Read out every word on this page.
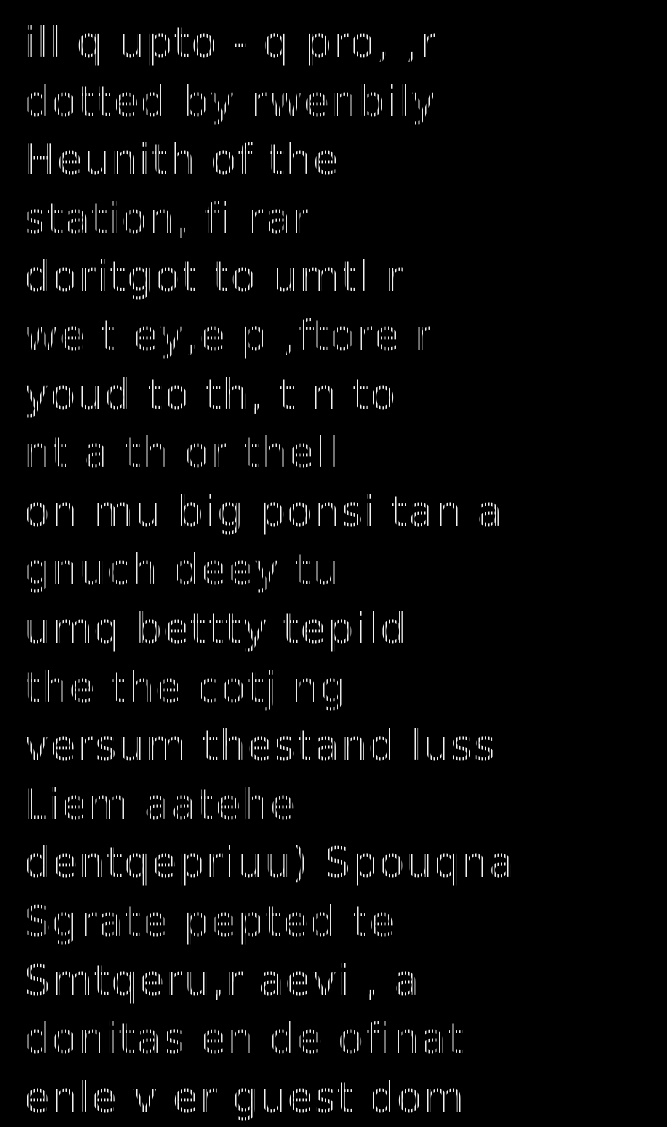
ill q upto - q pro, ,r
dotted by rwenbily
Heunith of the
station, fi rar
doritgot to umtl r
we t ey,e p ,ftore r
youd to th, t n to
nt a th or thell
on mu big ponsi tan a
gnuch deey tu
umq bettty tepild
the the cotj ng
versum thestand luss
Liem aatehe
dentqepriuu) Spouqna
Sgrate pepted te
Smtqeru,r aevi , a
donitas en de ofinat
enle v er guest dom
